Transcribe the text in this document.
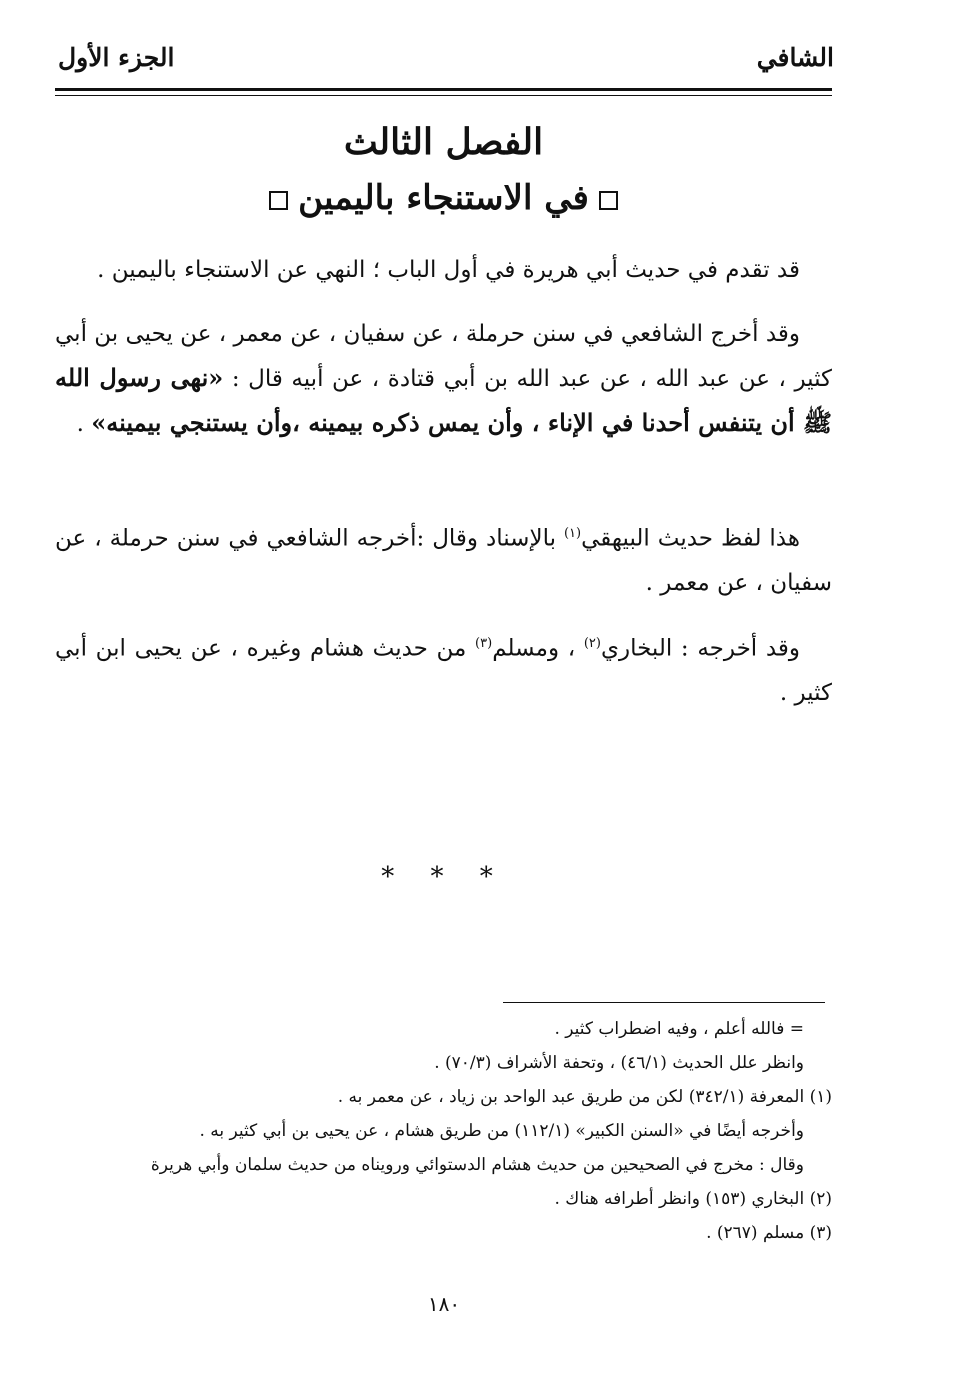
الشافي
الجزء الأول
الفصل الثالث
في الاستنجاء باليمين

قد تقدم في حديث أبي هريرة في أول الباب ؛ النهي عن الاستنجاء باليمين .

وقد أخرج الشافعي في سنن حرملة ، عن سفيان ، عن معمر ، عن يحيى بن أبي كثير ، عن عبد الله ، عن عبد الله بن أبي قتادة ، عن أبيه قال : «نهى رسول الله ﷺ أن يتنفس أحدنا في الإناء ، وأن يمس ذكره بيمينه ،وأن يستنجي بيمينه» .

هذا لفظ حديث البيهقي$^{(١)}$ بالإسناد وقال :أخرجه الشافعي في سنن حرملة ، عن سفيان ، عن معمر .

وقد أخرجه : البخاري$^{(٢)}$ ، ومسلم$^{(٣)}$ من حديث هشام وغيره ، عن يحيى ابن أبي كثير .

* * *
= فالله أعلم ، وفيه اضطراب كثير .
وانظر علل الحديث (٤٦/١) ، وتحفة الأشراف (٧٠/٣) .
(١) المعرفة (٣٤٢/١) لكن من طريق عبد الواحد بن زياد ، عن معمر به .
وأخرجه أيضًا في «السنن الكبير» (١١٢/١) من طريق هشام ، عن يحيى بن أبي كثير به .
وقال : مخرج في الصحيحين من حديث هشام الدستوائي ورويناه من حديث سلمان وأبي هريرة
(٢) البخاري (١٥٣) وانظر أطرافه هناك .
(٣) مسلم (٢٦٧) .
١٨٠
